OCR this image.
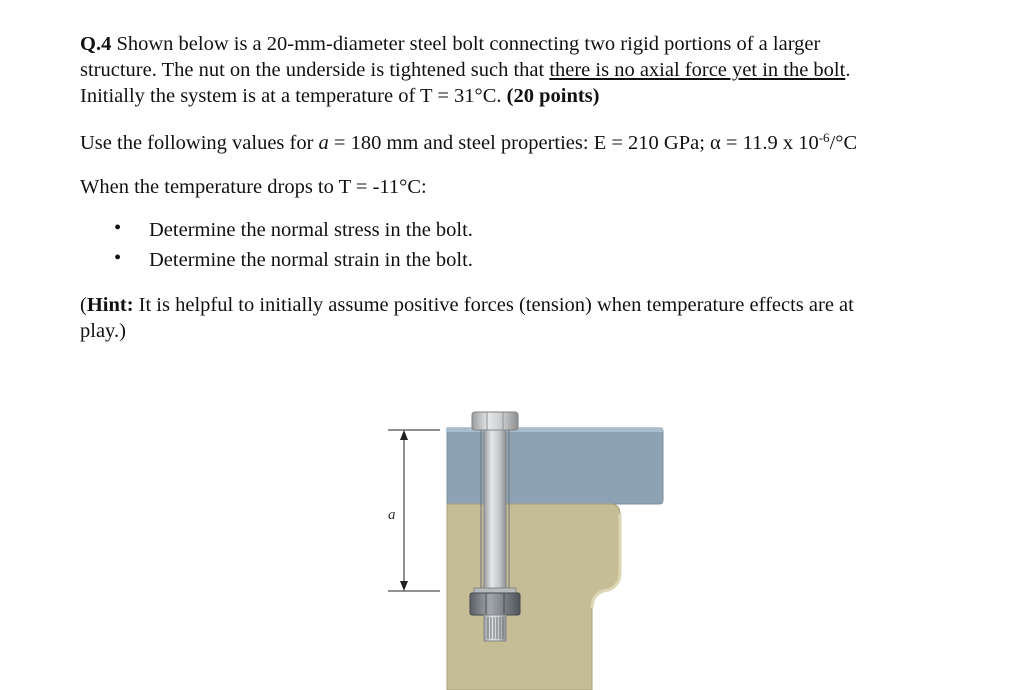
Q.4 Shown below is a 20-mm-diameter steel bolt connecting two rigid portions of a larger
structure. The nut on the underside is tightened such that there is no axial force yet in the bolt.
Initially the system is at a temperature of T = 31°C. (20 points)
Use the following values for a = 180 mm and steel properties: E = 210 GPa; α = 11.9 x $10^{-6}/^\circ C$
When the temperature drops to T = -11°C:
• Determine the normal stress in the bolt.
• Determine the normal strain in the bolt.
(Hint: It is helpful to initially assume positive forces (tension) when temperature effects are at
play.)
a
